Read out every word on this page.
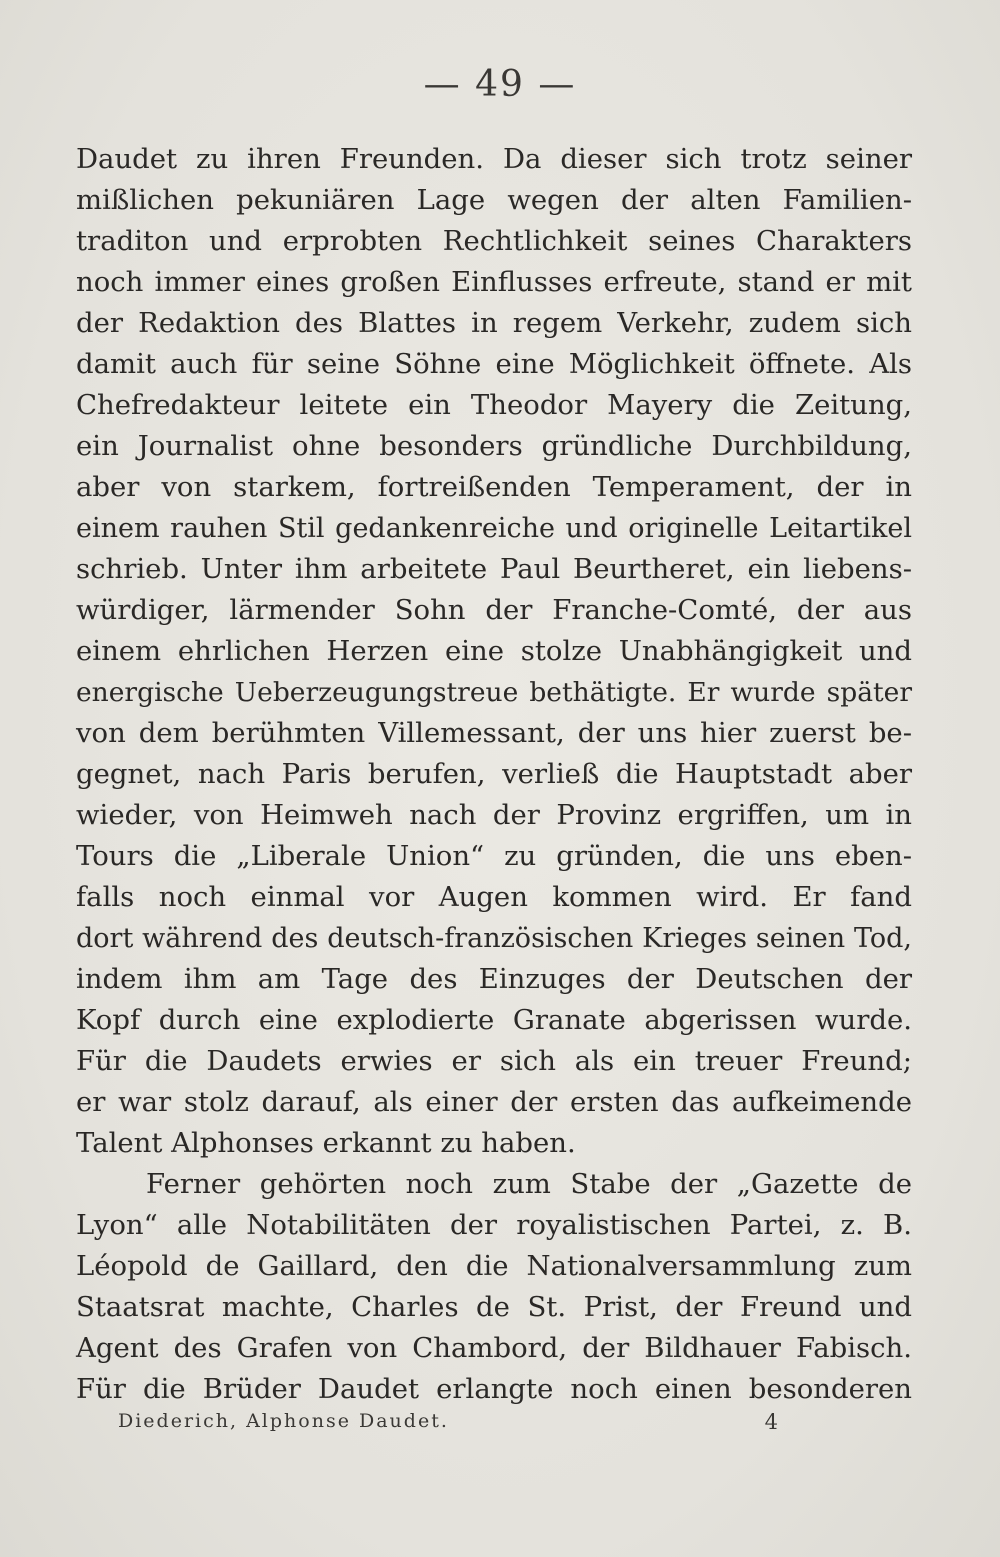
— 49 —
Daudet zu ihren Freunden. Da dieser sich trotz seiner
mißlichen pekuniären Lage wegen der alten Familien-
traditon und erprobten Rechtlichkeit seines Charakters
noch immer eines großen Einflusses erfreute, stand er mit
der Redaktion des Blattes in regem Verkehr, zudem sich
damit auch für seine Söhne eine Möglichkeit öffnete. Als
Chefredakteur leitete ein Theodor Mayery die Zeitung,
ein Journalist ohne besonders gründliche Durchbildung,
aber von starkem, fortreißenden Temperament, der in
einem rauhen Stil gedankenreiche und originelle Leitartikel
schrieb. Unter ihm arbeitete Paul Beurtheret, ein liebens-
würdiger, lärmender Sohn der Franche-Comté, der aus
einem ehrlichen Herzen eine stolze Unabhängigkeit und
energische Ueberzeugungstreue bethätigte. Er wurde später
von dem berühmten Villemessant, der uns hier zuerst be-
gegnet, nach Paris berufen, verließ die Hauptstadt aber
wieder, von Heimweh nach der Provinz ergriffen, um in
Tours die „Liberale Union“ zu gründen, die uns eben-
falls noch einmal vor Augen kommen wird. Er fand
dort während des deutsch-französischen Krieges seinen Tod,
indem ihm am Tage des Einzuges der Deutschen der
Kopf durch eine explodierte Granate abgerissen wurde.
Für die Daudets erwies er sich als ein treuer Freund;
er war stolz darauf, als einer der ersten das aufkeimende
Talent Alphonses erkannt zu haben.
Ferner gehörten noch zum Stabe der „Gazette de
Lyon“ alle Notabilitäten der royalistischen Partei, z. B.
Léopold de Gaillard, den die Nationalversammlung zum
Staatsrat machte, Charles de St. Prist, der Freund und
Agent des Grafen von Chambord, der Bildhauer Fabisch.
Für die Brüder Daudet erlangte noch einen besonderen
Diederich, Alphonse Daudet.	4
